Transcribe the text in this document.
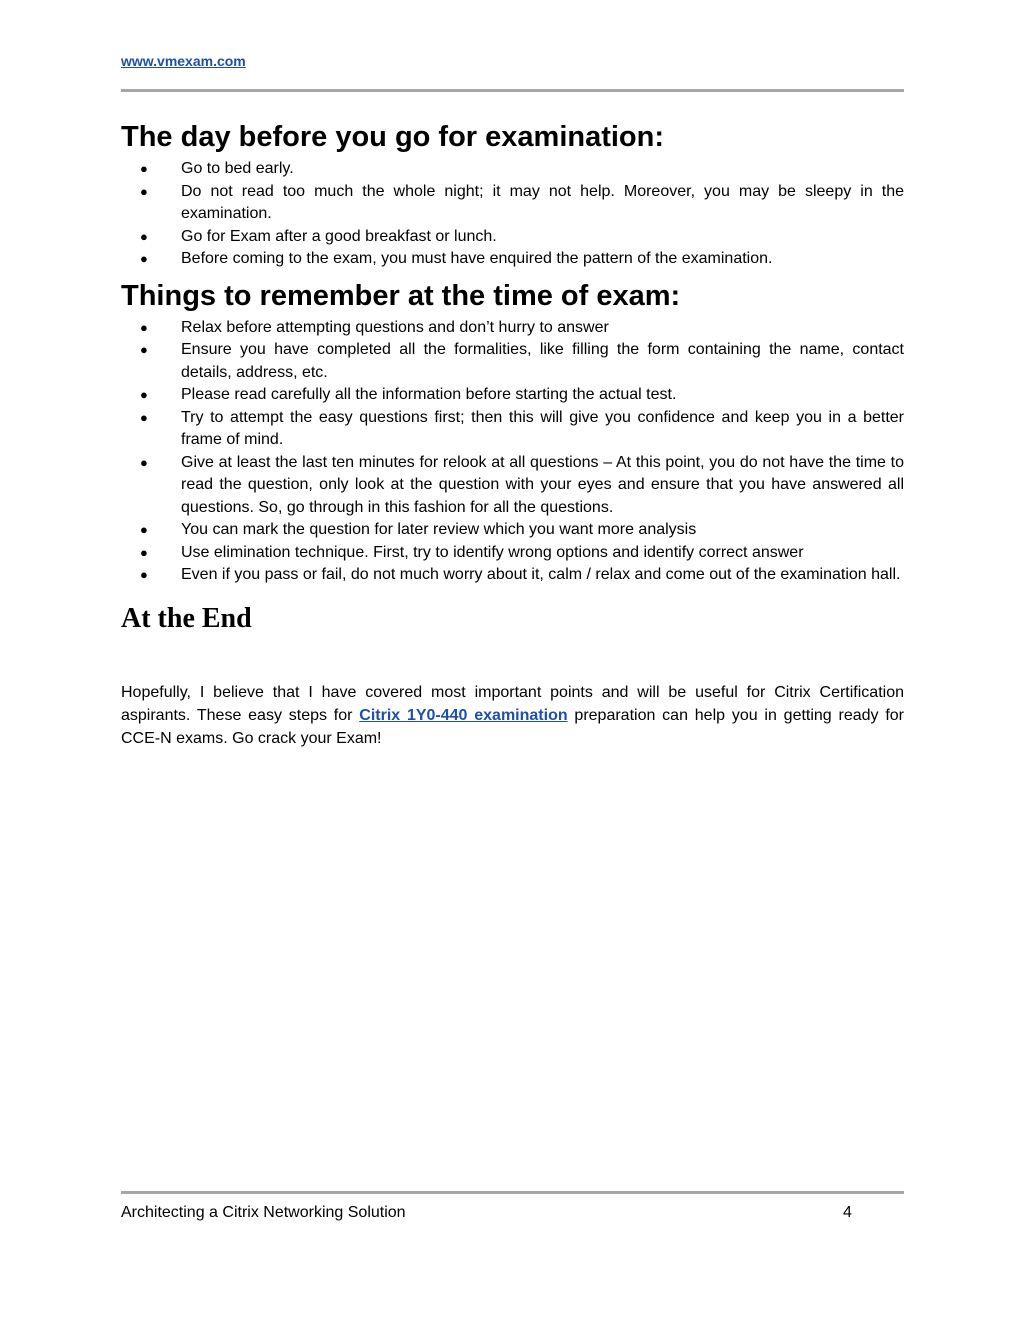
www.vmexam.com
The day before you go for examination:
● Go to bed early.
● Do not read too much the whole night; it may not help. Moreover, you may be sleepy in the examination.
● Go for Exam after a good breakfast or lunch.
● Before coming to the exam, you must have enquired the pattern of the examination.
Things to remember at the time of exam:
● Relax before attempting questions and don’t hurry to answer
● Ensure you have completed all the formalities, like filling the form containing the name, contact details, address, etc.
● Please read carefully all the information before starting the actual test.
● Try to attempt the easy questions first; then this will give you confidence and keep you in a better frame of mind.
● Give at least the last ten minutes for relook at all questions – At this point, you do not have the time to read the question, only look at the question with your eyes and ensure that you have answered all questions. So, go through in this fashion for all the questions.
● You can mark the question for later review which you want more analysis
● Use elimination technique. First, try to identify wrong options and identify correct answer
● Even if you pass or fail, do not much worry about it, calm / relax and come out of the examination hall.
At the End

Hopefully, I believe that I have covered most important points and will be useful for Citrix Certification aspirants. These easy steps for Citrix 1Y0-440 examination preparation can help you in getting ready for CCE-N exams. Go crack your Exam!

Architecting a Citrix Networking Solution	4
